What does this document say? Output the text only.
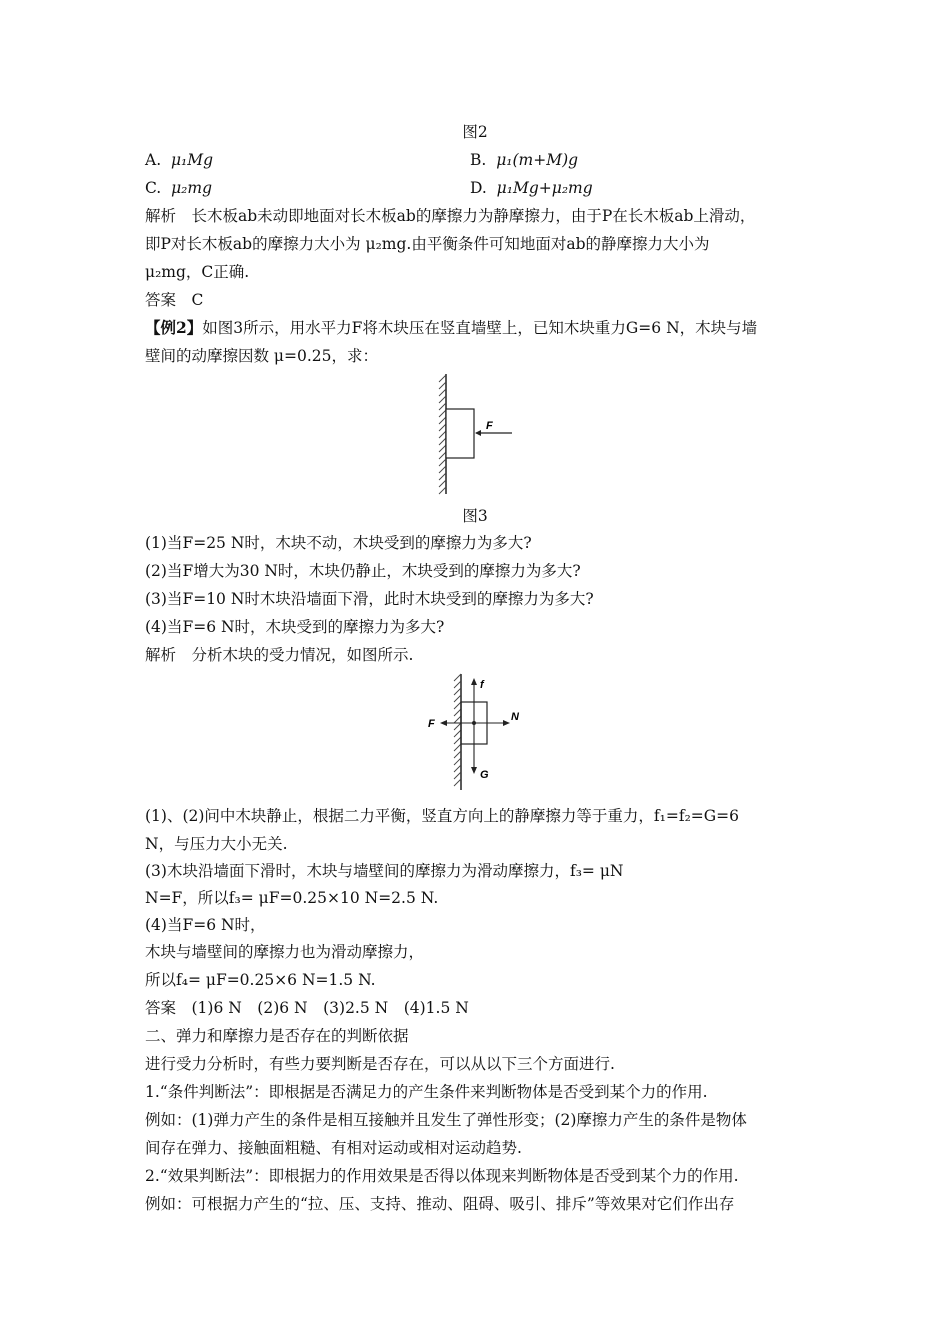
图2
A. μ₁Mg	B. μ₁(m+M)g
C. μ₂mg	D. μ₁Mg+μ₂mg
解析　长木板ab未动即地面对长木板ab的摩擦力为静摩擦力，由于P在长木板ab上滑动，
即P对长木板ab的摩擦力大小为 μ₂mg.由平衡条件可知地面对ab的静摩擦力大小为
μ₂mg，C正确.
答案　C
【例2】如图3所示，用水平力F将木块压在竖直墙壁上，已知木块重力G=6 N，木块与墙
壁间的动摩擦因数 μ=0.25，求：
F
图3
(1)当F=25 N时，木块不动，木块受到的摩擦力为多大?
(2)当F增大为30 N时，木块仍静止，木块受到的摩擦力为多大?
(3)当F=10 N时木块沿墙面下滑，此时木块受到的摩擦力为多大?
(4)当F=6 N时，木块受到的摩擦力为多大?
解析　分析木块的受力情况，如图所示.
f
F
N
G
(1)、(2)问中木块静止，根据二力平衡，竖直方向上的静摩擦力等于重力，f₁=f₂=G=6
N，与压力大小无关.
(3)木块沿墙面下滑时，木块与墙壁间的摩擦力为滑动摩擦力，f₃= μN
N=F，所以f₃= μF=0.25×10 N=2.5 N.
(4)当F=6 N时，
木块与墙壁间的摩擦力也为滑动摩擦力，
所以f₄= μF=0.25×6 N=1.5 N.
答案　(1)6 N　(2)6 N　(3)2.5 N　(4)1.5 N
二、弹力和摩擦力是否存在的判断依据
进行受力分析时，有些力要判断是否存在，可以从以下三个方面进行.
1.“条件判断法”：即根据是否满足力的产生条件来判断物体是否受到某个力的作用.
例如：(1)弹力产生的条件是相互接触并且发生了弹性形变；(2)摩擦力产生的条件是物体
间存在弹力、接触面粗糙、有相对运动或相对运动趋势.
2.“效果判断法”：即根据力的作用效果是否得以体现来判断物体是否受到某个力的作用.
例如：可根据力产生的“拉、压、支持、推动、阻碍、吸引、排斥”等效果对它们作出存
